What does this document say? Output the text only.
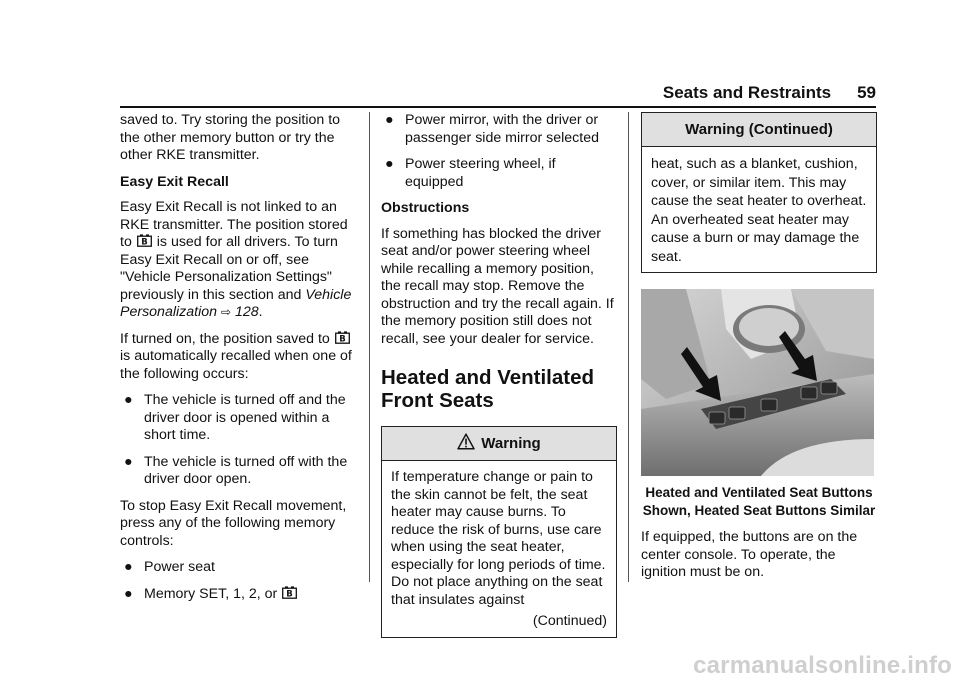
Seats and Restraints 59

saved to. Try storing the position to the other memory button or try the other RKE transmitter.

Easy Exit Recall

Easy Exit Recall is not linked to an RKE transmitter. The position stored to B is used for all drivers. To turn Easy Exit Recall on or off, see "Vehicle Personalization Settings" previously in this section and Vehicle Personalization ⇨ 128.

If turned on, the position saved to B
is automatically recalled when one of the following occurs:

● The vehicle is turned off and the driver door is opened within a short time.
● The vehicle is turned off with the driver door open.

To stop Easy Exit Recall movement, press any of the following memory controls:

● Power seat
● Memory SET, 1, 2, or B
● Power mirror, with the driver or passenger side mirror selected
● Power steering wheel, if equipped

Obstructions

If something has blocked the driver seat and/or power steering wheel while recalling a memory position, the recall may stop. Remove the obstruction and try the recall again. If the memory position still does not recall, see your dealer for service.

Heated and Ventilated Front Seats
Warning

If temperature change or pain to the skin cannot be felt, the seat heater may cause burns. To reduce the risk of burns, use care when using the seat heater, especially for long periods of time. Do not place anything on the seat that insulates against

(Continued)
Warning (Continued)

heat, such as a blanket, cushion, cover, or similar item. This may cause the seat heater to overheat. An overheated seat heater may cause a burn or may damage the seat.

Heated and Ventilated Seat Buttons Shown, Heated Seat Buttons Similar

If equipped, the buttons are on the center console. To operate, the ignition must be on.

carmanualsonline.info
